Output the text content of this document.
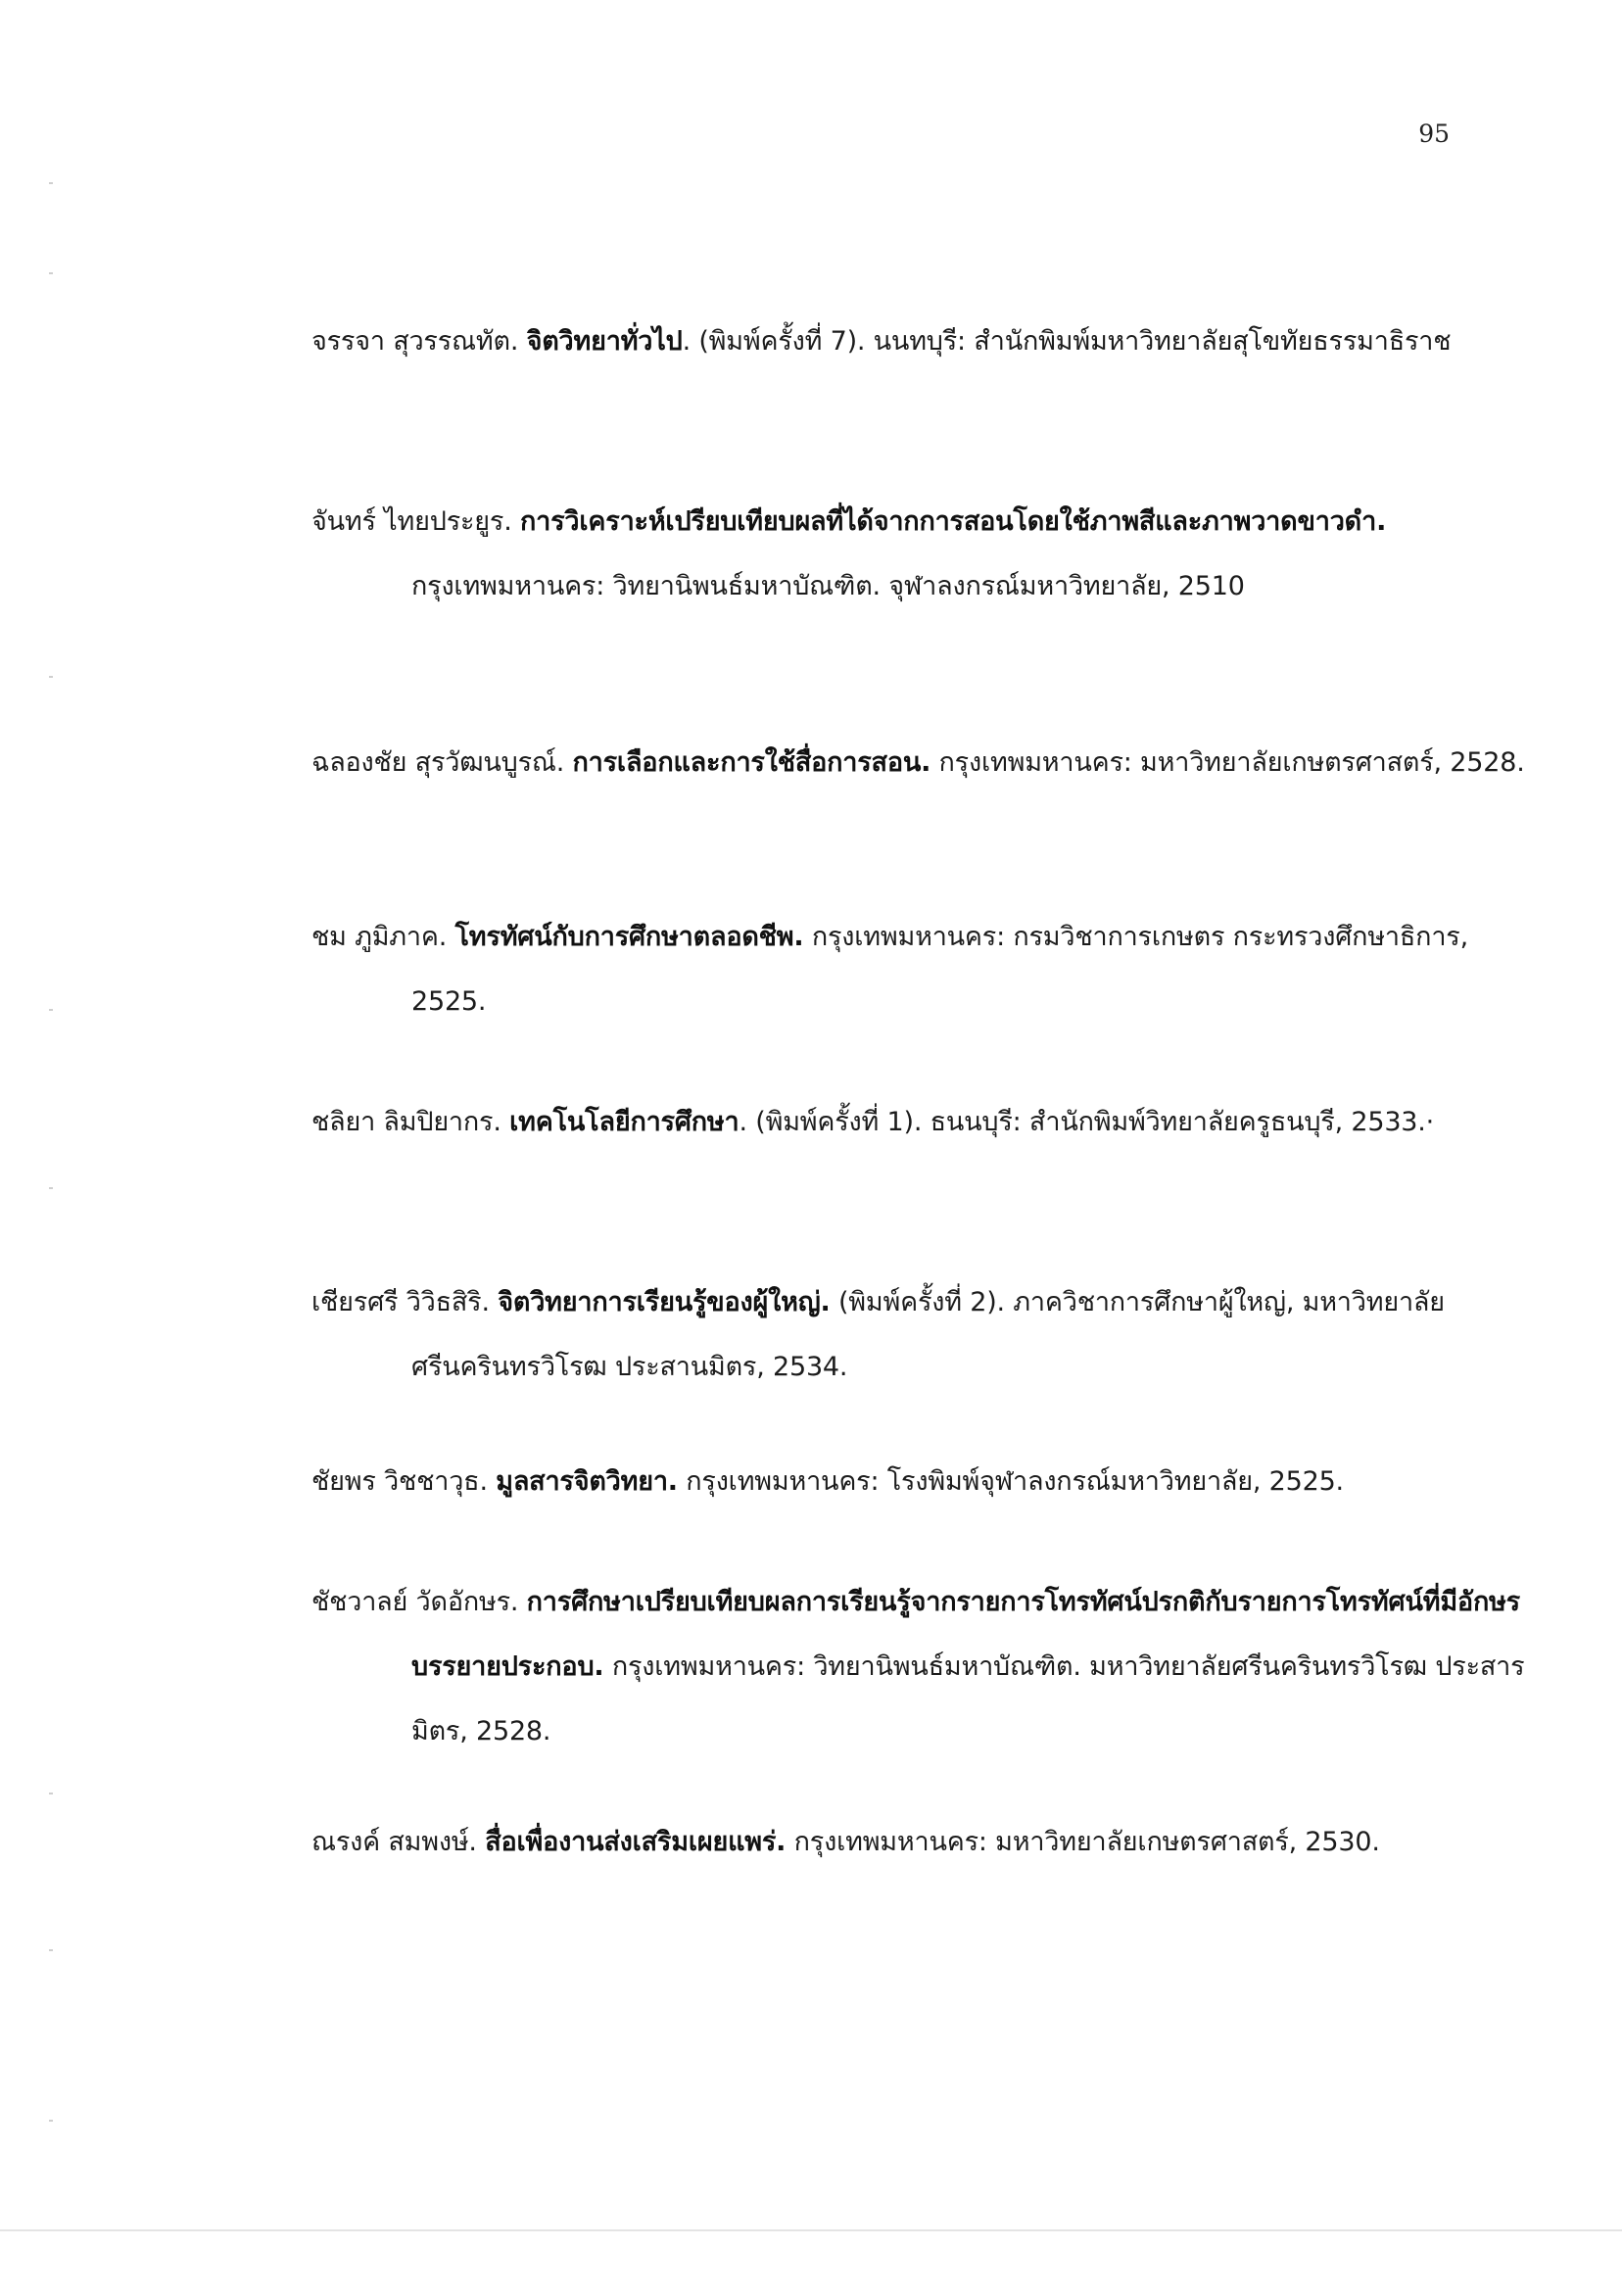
95

จรรจา สุวรรณทัต. จิตวิทยาทั่วไป. (พิมพ์ครั้งที่ 7). นนทบุรี: สำนักพิมพ์มหาวิทยาลัยสุโขทัยธรรมาธิราช

จันทร์ ไทยประยูร. การวิเคราะห์เปรียบเทียบผลที่ได้จากการสอนโดยใช้ภาพสีและภาพวาดขาวดำ. กรุงเทพมหานคร: วิทยานิพนธ์มหาบัณฑิต. จุฬาลงกรณ์มหาวิทยาลัย, 2510

ฉลองชัย สุรวัฒนบูรณ์. การเลือกและการใช้สื่อการสอน. กรุงเทพมหานคร: มหาวิทยาลัยเกษตรศาสตร์, 2528.

ชม ภูมิภาค. โทรทัศน์กับการศึกษาตลอดชีพ. กรุงเทพมหานคร: กรมวิชาการเกษตร กระทรวงศึกษาธิการ, 2525.

ชลิยา ลิมปิยากร. เทคโนโลยีการศึกษา. (พิมพ์ครั้งที่ 1). ธนนบุรี: สำนักพิมพ์วิทยาลัยครูธนบุรี, 2533.·

เชียรศรี วิวิธสิริ. จิตวิทยาการเรียนรู้ของผู้ใหญ่. (พิมพ์ครั้งที่ 2). ภาควิชาการศึกษาผู้ใหญ่, มหาวิทยาลัยศรีนครินทรวิโรฒ ประสานมิตร, 2534.

ชัยพร วิชชาวุธ. มูลสารจิตวิทยา. กรุงเทพมหานคร: โรงพิมพ์จุฬาลงกรณ์มหาวิทยาลัย, 2525.

ชัชวาลย์ วัดอักษร. การศึกษาเปรียบเทียบผลการเรียนรู้จากรายการโทรทัศน์ปรกติกับรายการโทรทัศน์ที่มีอักษรบรรยายประกอบ. กรุงเทพมหานคร: วิทยานิพนธ์มหาบัณฑิต. มหาวิทยาลัยศรีนครินทรวิโรฒ ประสารมิตร, 2528.

ณรงค์ สมพงษ์. สื่อเพื่องานส่งเสริมเผยแพร่. กรุงเทพมหานคร: มหาวิทยาลัยเกษตรศาสตร์, 2530.
